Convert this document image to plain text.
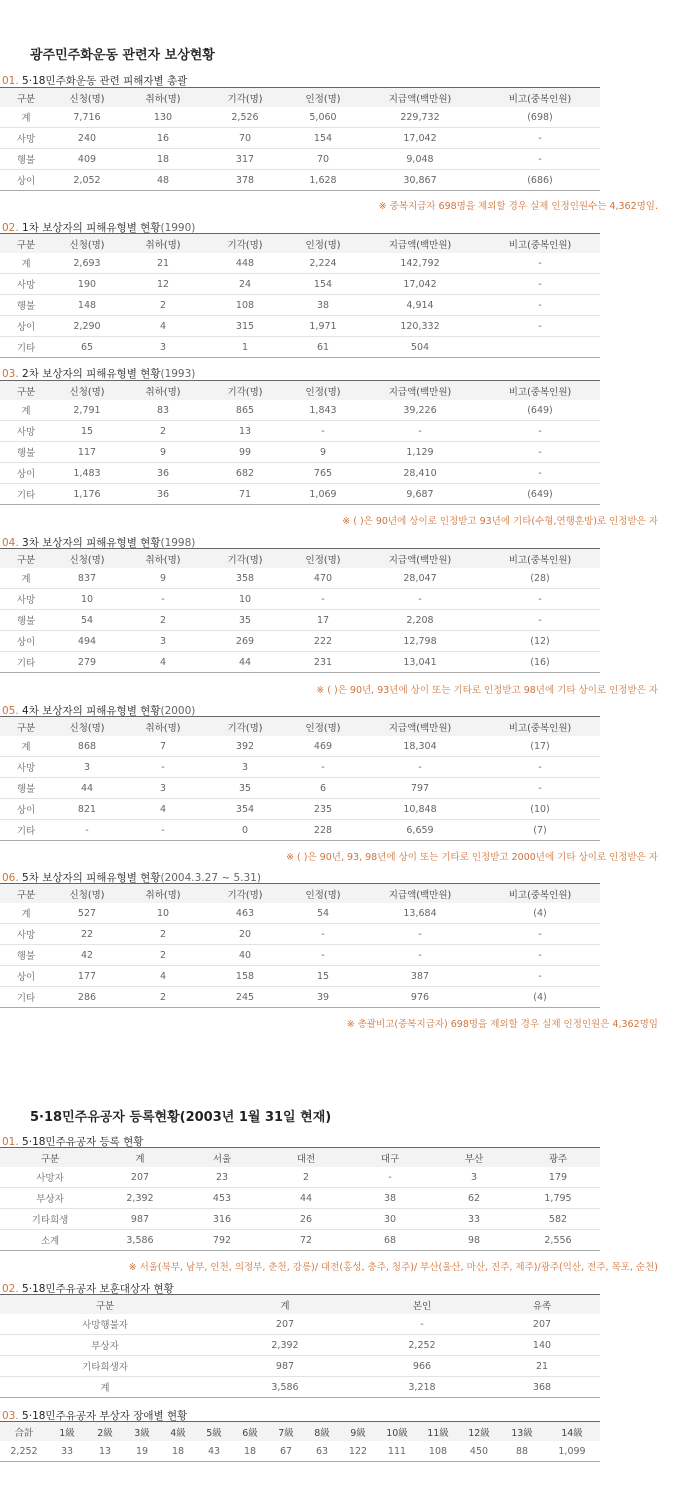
광주민주화운동 관련자 보상현황
01. 5·18민주화운동 관련 피해자별 총괄
구분	신청(명)	취하(명)	기각(명)	인정(명)	지급액(백만원)	비고(중복인원)
계	7,716	130	2,526	5,060	229,732	(698)
사망	240	16	70	154	17,042	-
행불	409	18	317	70	9,048	-
상이	2,052	48	378	1,628	30,867	(686)
※ 중복지급자 698명을 제외할 경우 실제 인정인원수는 4,362명임.
02. 1차 보상자의 피해유형별 현황(1990)
구분	신청(명)	취하(명)	기각(명)	인정(명)	지급액(백만원)	비고(중복인원)
계	2,693	21	448	2,224	142,792	-
사망	190	12	24	154	17,042	-
행불	148	2	108	38	4,914	-
상이	2,290	4	315	1,971	120,332	-
기타	65	3	1	61	504	
03. 2차 보상자의 피해유형별 현황(1993)
구분	신청(명)	취하(명)	기각(명)	인정(명)	지급액(백만원)	비고(중복인원)
계	2,791	83	865	1,843	39,226	(649)
사망	15	2	13	-	-	-
행불	117	9	99	9	1,129	-
상이	1,483	36	682	765	28,410	-
기타	1,176	36	71	1,069	9,687	(649)
※ ( )은 90년에 상이로 인정받고 93년에 기타(수형,연행훈방)로 인정받은 자
04. 3차 보상자의 피해유형별 현황(1998)
구분	신청(명)	취하(명)	기각(명)	인정(명)	지급액(백만원)	비고(중복인원)
계	837	9	358	470	28,047	(28)
사망	10	-	10	-	-	-
행불	54	2	35	17	2,208	-
상이	494	3	269	222	12,798	(12)
기타	279	4	44	231	13,041	(16)
※ ( )은 90년, 93년에 상이 또는 기타로 인정받고 98년에 기타 상이로 인정받은 자
05. 4차 보상자의 피해유형별 현황(2000)
구분	신청(명)	취하(명)	기각(명)	인정(명)	지급액(백만원)	비고(중복인원)
계	868	7	392	469	18,304	(17)
사망	3	-	3	-	-	-
행불	44	3	35	6	797	-
상이	821	4	354	235	10,848	(10)
기타	-	-	0	228	6,659	(7)
※ ( )은 90년, 93, 98년에 상이 또는 기타로 인정받고 2000년에 기타 상이로 인정받은 자
06. 5차 보상자의 피해유형별 현황(2004.3.27 ~ 5.31)
구분	신청(명)	취하(명)	기각(명)	인정(명)	지급액(백만원)	비고(중복인원)
계	527	10	463	54	13,684	(4)
사망	22	2	20	-	-	-
행불	42	2	40	-	-	-
상이	177	4	158	15	387	-
기타	286	2	245	39	976	(4)
※ 총괄비고(중복지급자) 698명을 제외할 경우 실제 인정인원은 4,362명임
5·18민주유공자 등록현황(2003년 1월 31일 현재)
01. 5·18민주유공자 등록 현황
구분	계	서울	대전	대구	부산	광주
사망자	207	23	2	-	3	179
부상자	2,392	453	44	38	62	1,795
기타희생	987	316	26	30	33	582
소계	3,586	792	72	68	98	2,556
※ 서울(북부, 남부, 인천, 의정부, 춘천, 강릉)/ 대전(홍성, 충주, 청주)/ 부산(울산, 마산, 진주, 제주)/광주(익산, 전주, 목포, 순천)
02. 5·18민주유공자 보훈대상자 현황
구분	계	본인	유족
사망행불자	207	-	207
부상자	2,392	2,252	140
기타희생자	987	966	21
계	3,586	3,218	368
03. 5·18민주유공자 부상자 장애별 현황
合計	1級	2級	3級	4級	5級	6級	7級	8級	9級	10級	11級	12級	13級	14級
2,252	33	13	19	18	43	18	67	63	122	111	108	450	88	1,099
